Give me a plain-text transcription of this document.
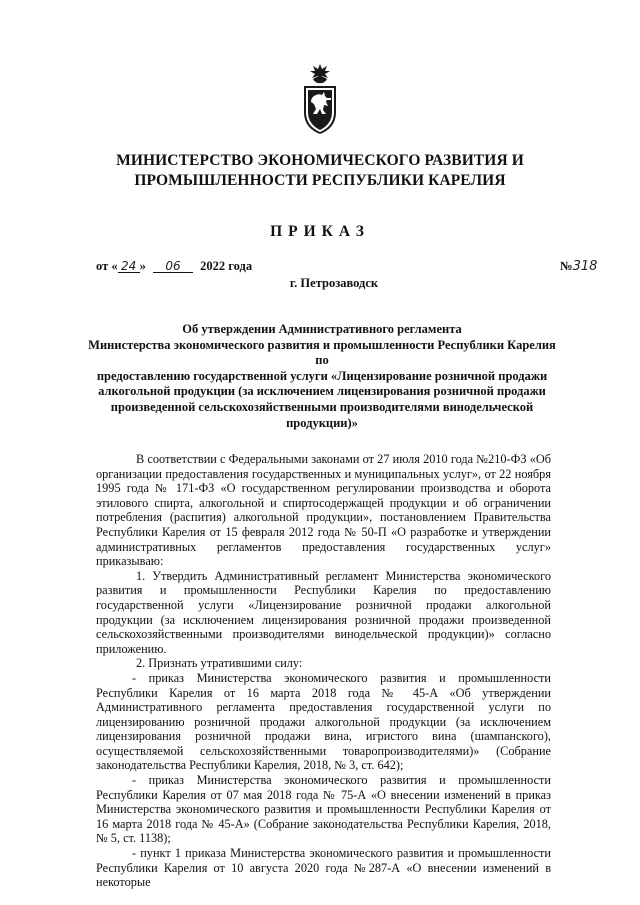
МИНИСТЕРСТВО ЭКОНОМИЧЕСКОГО РАЗВИТИЯ И
ПРОМЫШЛЕННОСТИ РЕСПУБЛИКИ КАРЕЛИЯ
ПРИКАЗ
от « 24 » 06 2022 года	№318
г. Петрозаводск
Об утверждении Административного регламента
Министерства экономического развития и промышленности Республики Карелия по
предоставлению государственной услуги «Лицензирование розничной продажи
алкогольной продукции (за исключением лицензирования розничной продажи
произведенной сельскохозяйственными производителями винодельческой
продукции)»

В соответствии с Федеральными законами от 27 июля 2010 года №210-ФЗ «Об организации предоставления государственных и муниципальных услуг», от 22 ноября 1995 года № 171-ФЗ «О государственном регулировании производства и оборота этилового спирта, алкогольной и спиртосодержащей продукции и об ограничении потребления (распития) алкогольной продукции», постановлением Правительства Республики Карелия от 15 февраля 2012 года № 50-П «О разработке и утверждении административных регламентов предоставления государственных услуг» приказываю:

1. Утвердить Административный регламент Министерства экономического развития и промышленности Республики Карелия по предоставлению государственной услуги «Лицензирование розничной продажи алкогольной продукции (за исключением лицензирования розничной продажи произведенной сельскохозяйственными производителями винодельческой продукции)» согласно приложению.

2. Признать утратившими силу:

- приказ Министерства экономического развития и промышленности Республики Карелия от 16 марта 2018 года № 45-А «Об утверждении Административного регламента предоставления государственной услуги по лицензированию розничной продажи алкогольной продукции (за исключением лицензирования розничной продажи вина, игристого вина (шампанского), осуществляемой сельскохозяйственными товаропроизводителями)» (Собрание законодательства Республики Карелия, 2018, № 3, ст. 642);

- приказ Министерства экономического развития и промышленности Республики Карелия от 07 мая 2018 года № 75-А «О внесении изменений в приказ Министерства экономического развития и промышленности Республики Карелия от 16 марта 2018 года № 45-А» (Собрание законодательства Республики Карелия, 2018, № 5, ст. 1138);

- пункт 1 приказа Министерства экономического развития и промышленности Республики Карелия от 10 августа 2020 года №287-А «О внесении изменений в некоторые
